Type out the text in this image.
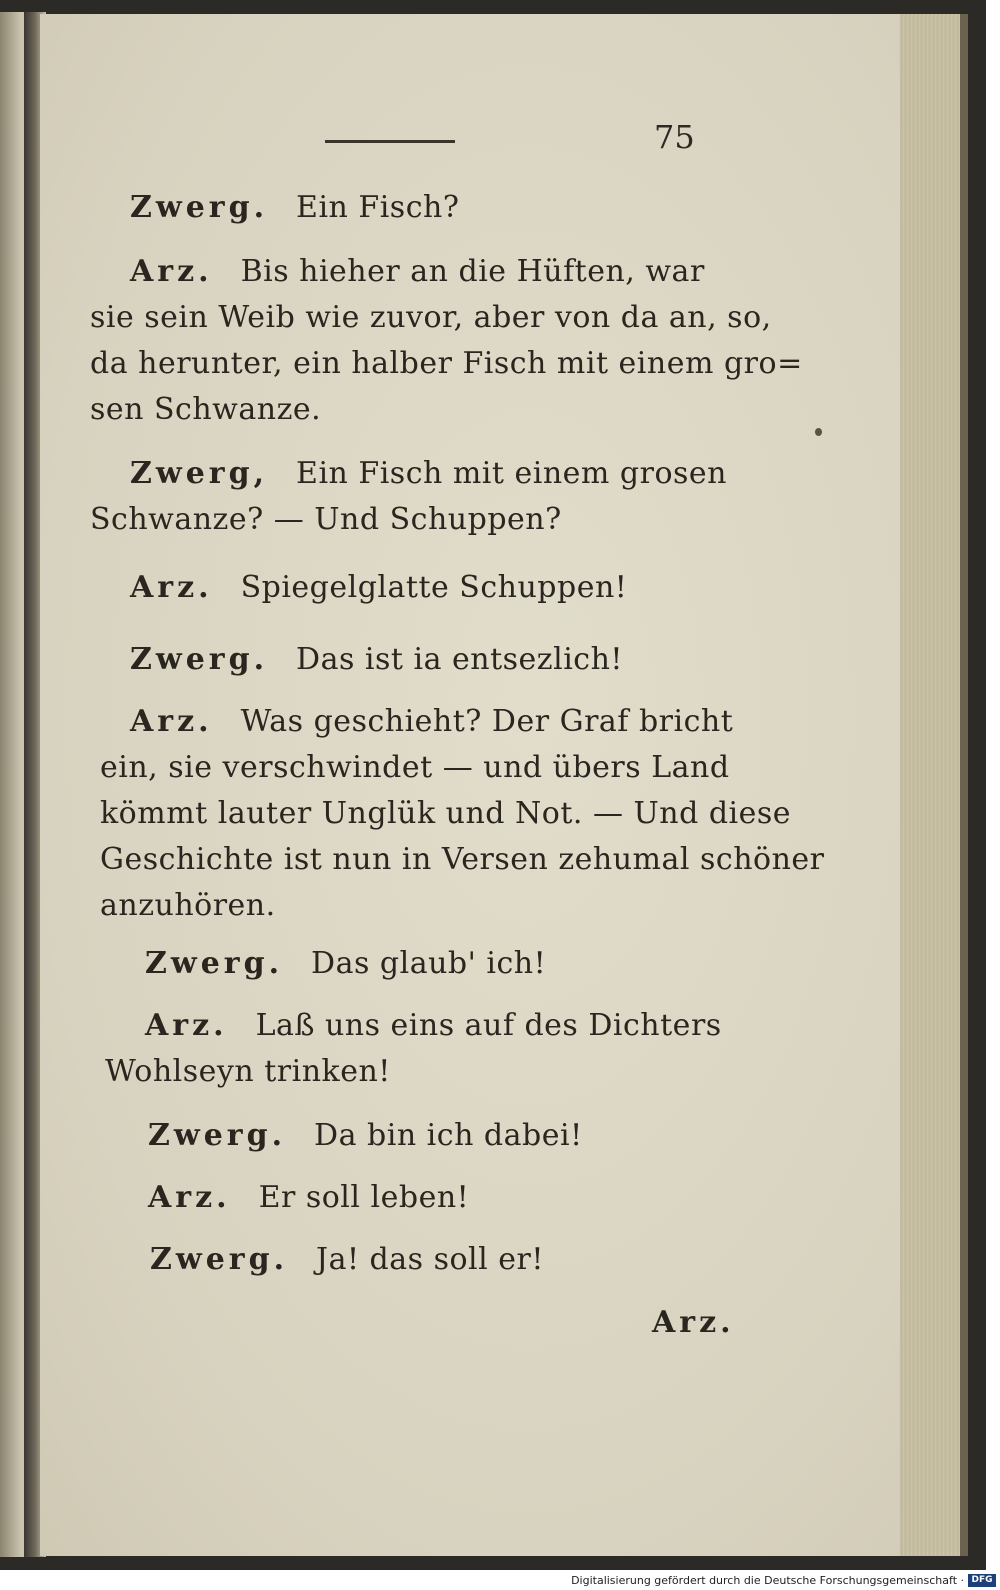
75
Zwerg. Ein Fisch?
Arz. Bis hieher an die Hüften, war
sie sein Weib wie zuvor, aber von da an, so,
da herunter, ein halber Fisch mit einem gro=
sen Schwanze.
Zwerg, Ein Fisch mit einem grosen
Schwanze? — Und Schuppen?
Arz. Spiegelglatte Schuppen!
Zwerg. Das ist ia entsezlich!
Arz. Was geschieht? Der Graf bricht
ein, sie verschwindet — und übers Land
kömmt lauter Unglük und Not. — Und diese
Geschichte ist nun in Versen zehumal schöner
anzuhören.
Zwerg. Das glaub' ich!
Arz. Laß uns eins auf des Dichters
Wohlseyn trinken!
Zwerg. Da bin ich dabei!
Arz. Er soll leben!
Zwerg. Ja! das soll er!
Arz.
Digitalisierung gefördert durch die Deutsche Forschungsgemeinschaft · DFG
